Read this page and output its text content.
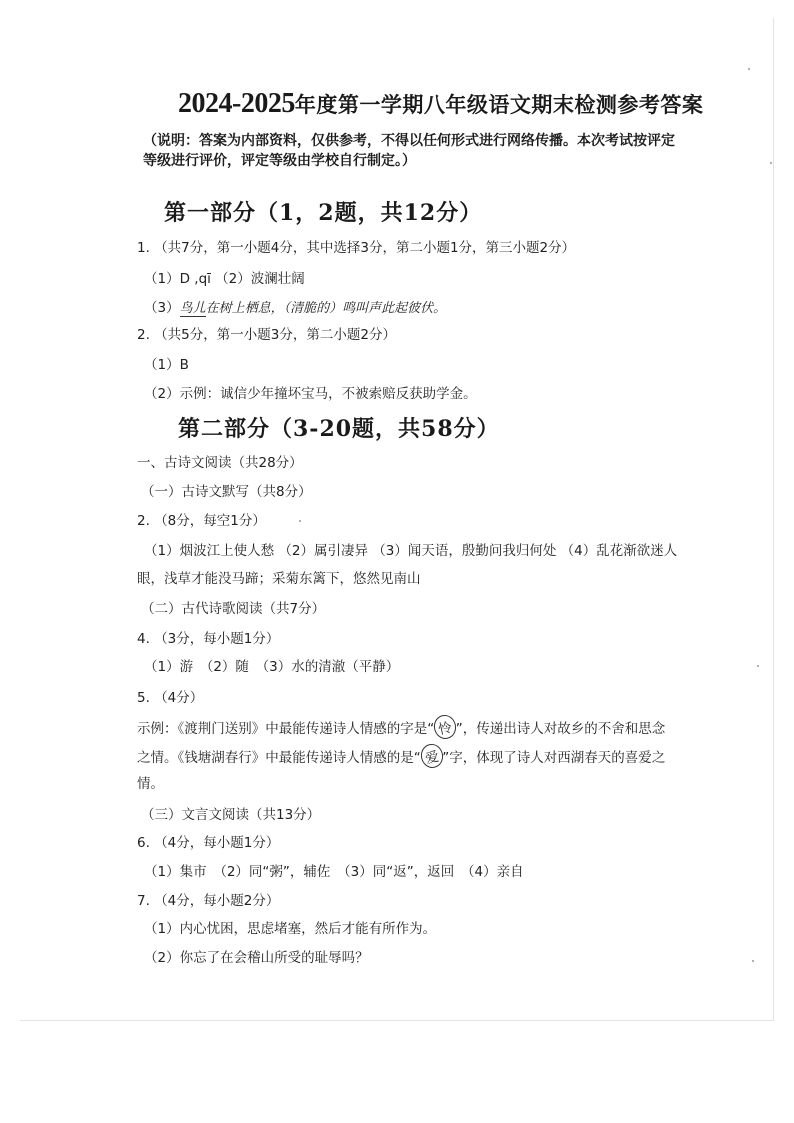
2024-2025年度第一学期八年级语文期末检测参考答案
（说明：答案为内部资料，仅供参考，不得以任何形式进行网络传播。本次考试按评定
等级进行评价，评定等级由学校自行制定。）
第一部分（1，2题，共12分）
1. （共7分，第一小题4分，其中选择3分，第二小题1分，第三小题2分）
（1）D ,qī （2）波澜壮阔
（3）鸟儿在树上栖息，（清脆的）鸣叫声此起彼伏。
2. （共5分，第一小题3分，第二小题2分）
（1）B
（2）示例：诚信少年撞坏宝马，不被索赔反获助学金。
第二部分（3-20题，共58分）
一、古诗文阅读（共28分）
（一）古诗文默写（共8分）
2. （8分，每空1分）
（1）烟波江上使人愁 （2）属引凄异 （3）闻天语，殷勤问我归何处 （4）乱花渐欲迷人
眼，浅草才能没马蹄；采菊东篱下，悠然见南山
（二）古代诗歌阅读（共7分）
4. （3分，每小题1分）
（1）游　（2）随　（3）水的清澈（平静）
5. （4分）
示例：《渡荆门送别》中最能传递诗人情感的字是“ 怜 ”，传递出诗人对故乡的不舍和思念
之情。《钱塘湖春行》中最能传递诗人情感的是“ 爱 ”字，体现了诗人对西湖春天的喜爱之
情。
（三）文言文阅读（共13分）
6. （4分，每小题1分）
（1）集市　（2）同“粥”，辅佐　（3）同“返”，返回　（4）亲自
7. （4分，每小题2分）
（1）内心忧困，思虑堵塞，然后才能有所作为。
（2）你忘了在会稽山所受的耻辱吗？
